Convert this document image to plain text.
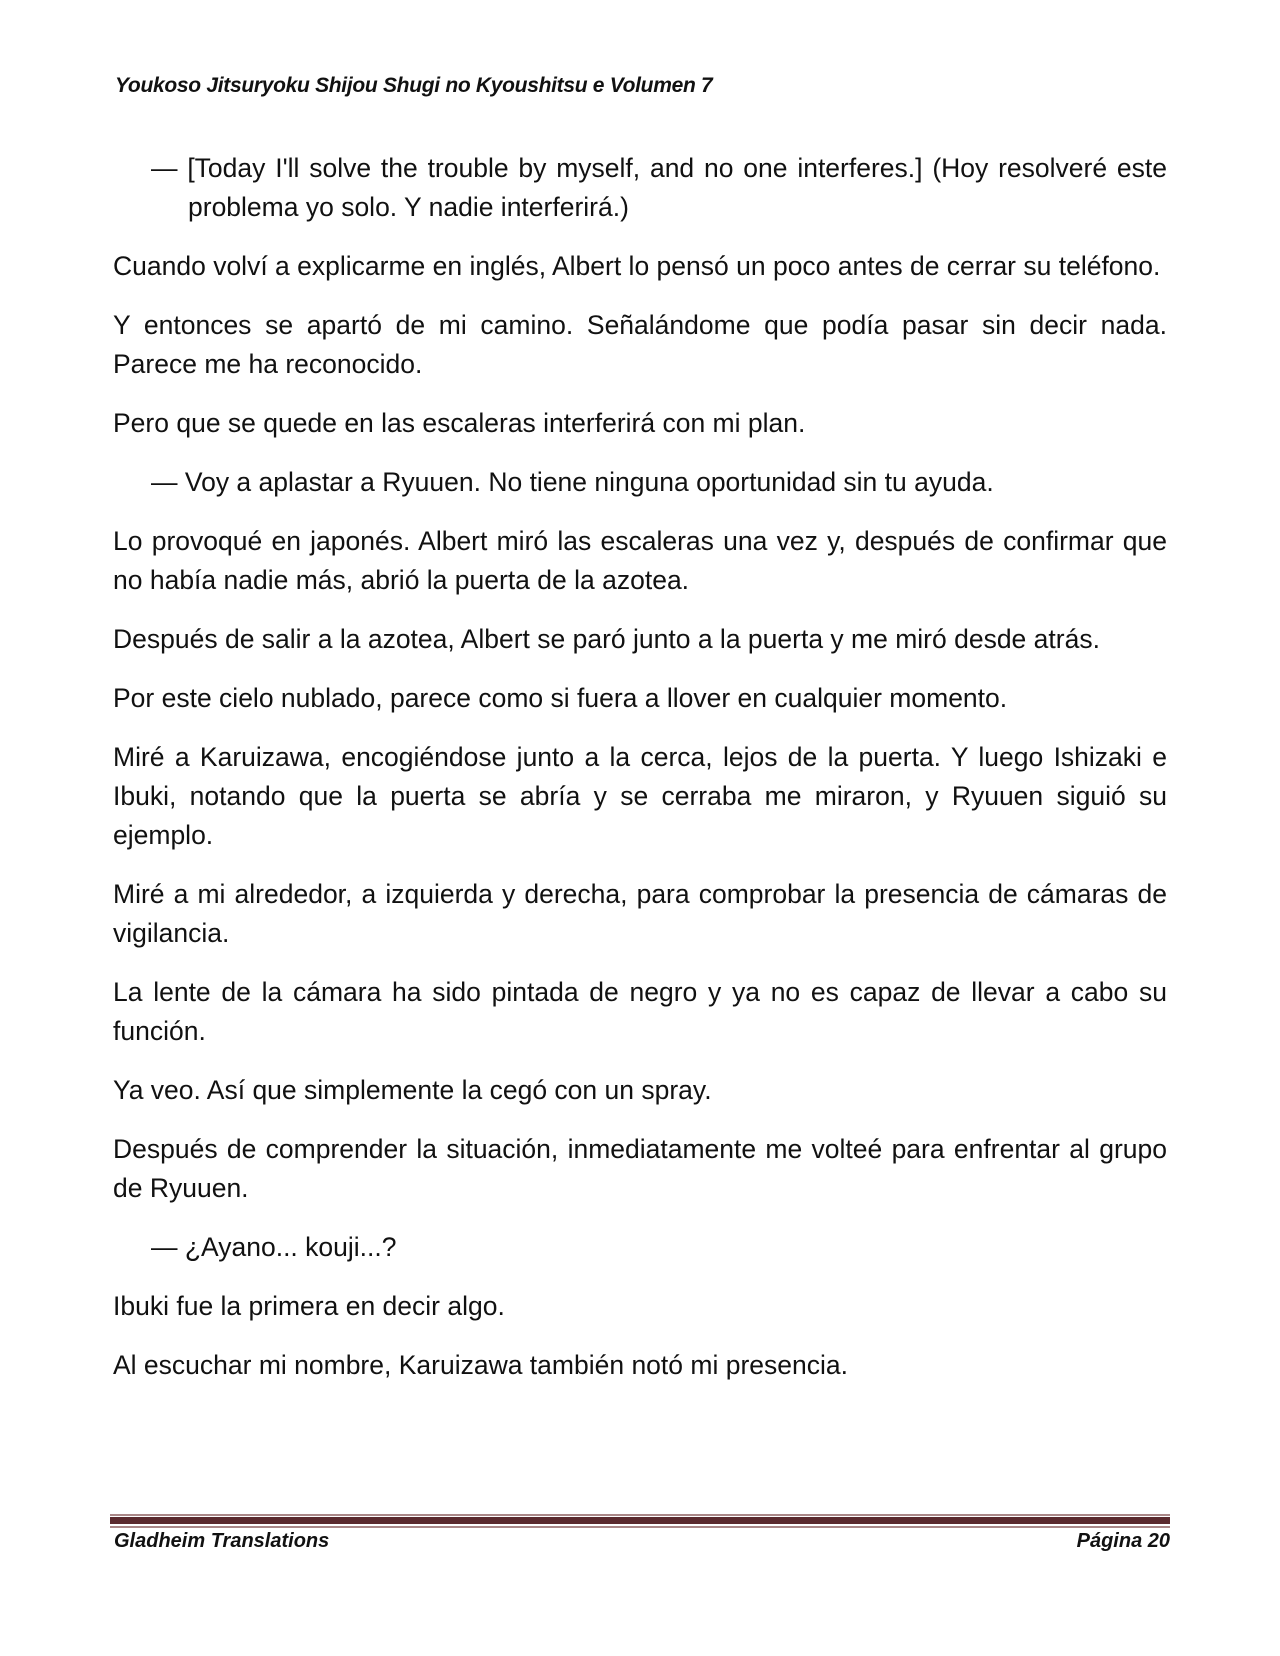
Youkoso Jitsuryoku Shijou Shugi no Kyoushitsu e Volumen 7

— [Today I'll solve the trouble by myself, and no one interferes.] (Hoy resolveré este problema yo solo. Y nadie interferirá.)

Cuando volví a explicarme en inglés, Albert lo pensó un poco antes de cerrar su teléfono.

Y entonces se apartó de mi camino. Señalándome que podía pasar sin decir nada. Parece me ha reconocido.

Pero que se quede en las escaleras interferirá con mi plan.

— Voy a aplastar a Ryuuen. No tiene ninguna oportunidad sin tu ayuda.

Lo provoqué en japonés. Albert miró las escaleras una vez y, después de confirmar que no había nadie más, abrió la puerta de la azotea.

Después de salir a la azotea, Albert se paró junto a la puerta y me miró desde atrás.

Por este cielo nublado, parece como si fuera a llover en cualquier momento.

Miré a Karuizawa, encogiéndose junto a la cerca, lejos de la puerta. Y luego Ishizaki e Ibuki, notando que la puerta se abría y se cerraba me miraron, y Ryuuen siguió su ejemplo.

Miré a mi alrededor, a izquierda y derecha, para comprobar la presencia de cámaras de vigilancia.

La lente de la cámara ha sido pintada de negro y ya no es capaz de llevar a cabo su función.

Ya veo. Así que simplemente la cegó con un spray.

Después de comprender la situación, inmediatamente me volteé para enfrentar al grupo de Ryuuen.

— ¿Ayano... kouji...?

Ibuki fue la primera en decir algo.

Al escuchar mi nombre, Karuizawa también notó mi presencia.

Gladheim Translations	Página 20
